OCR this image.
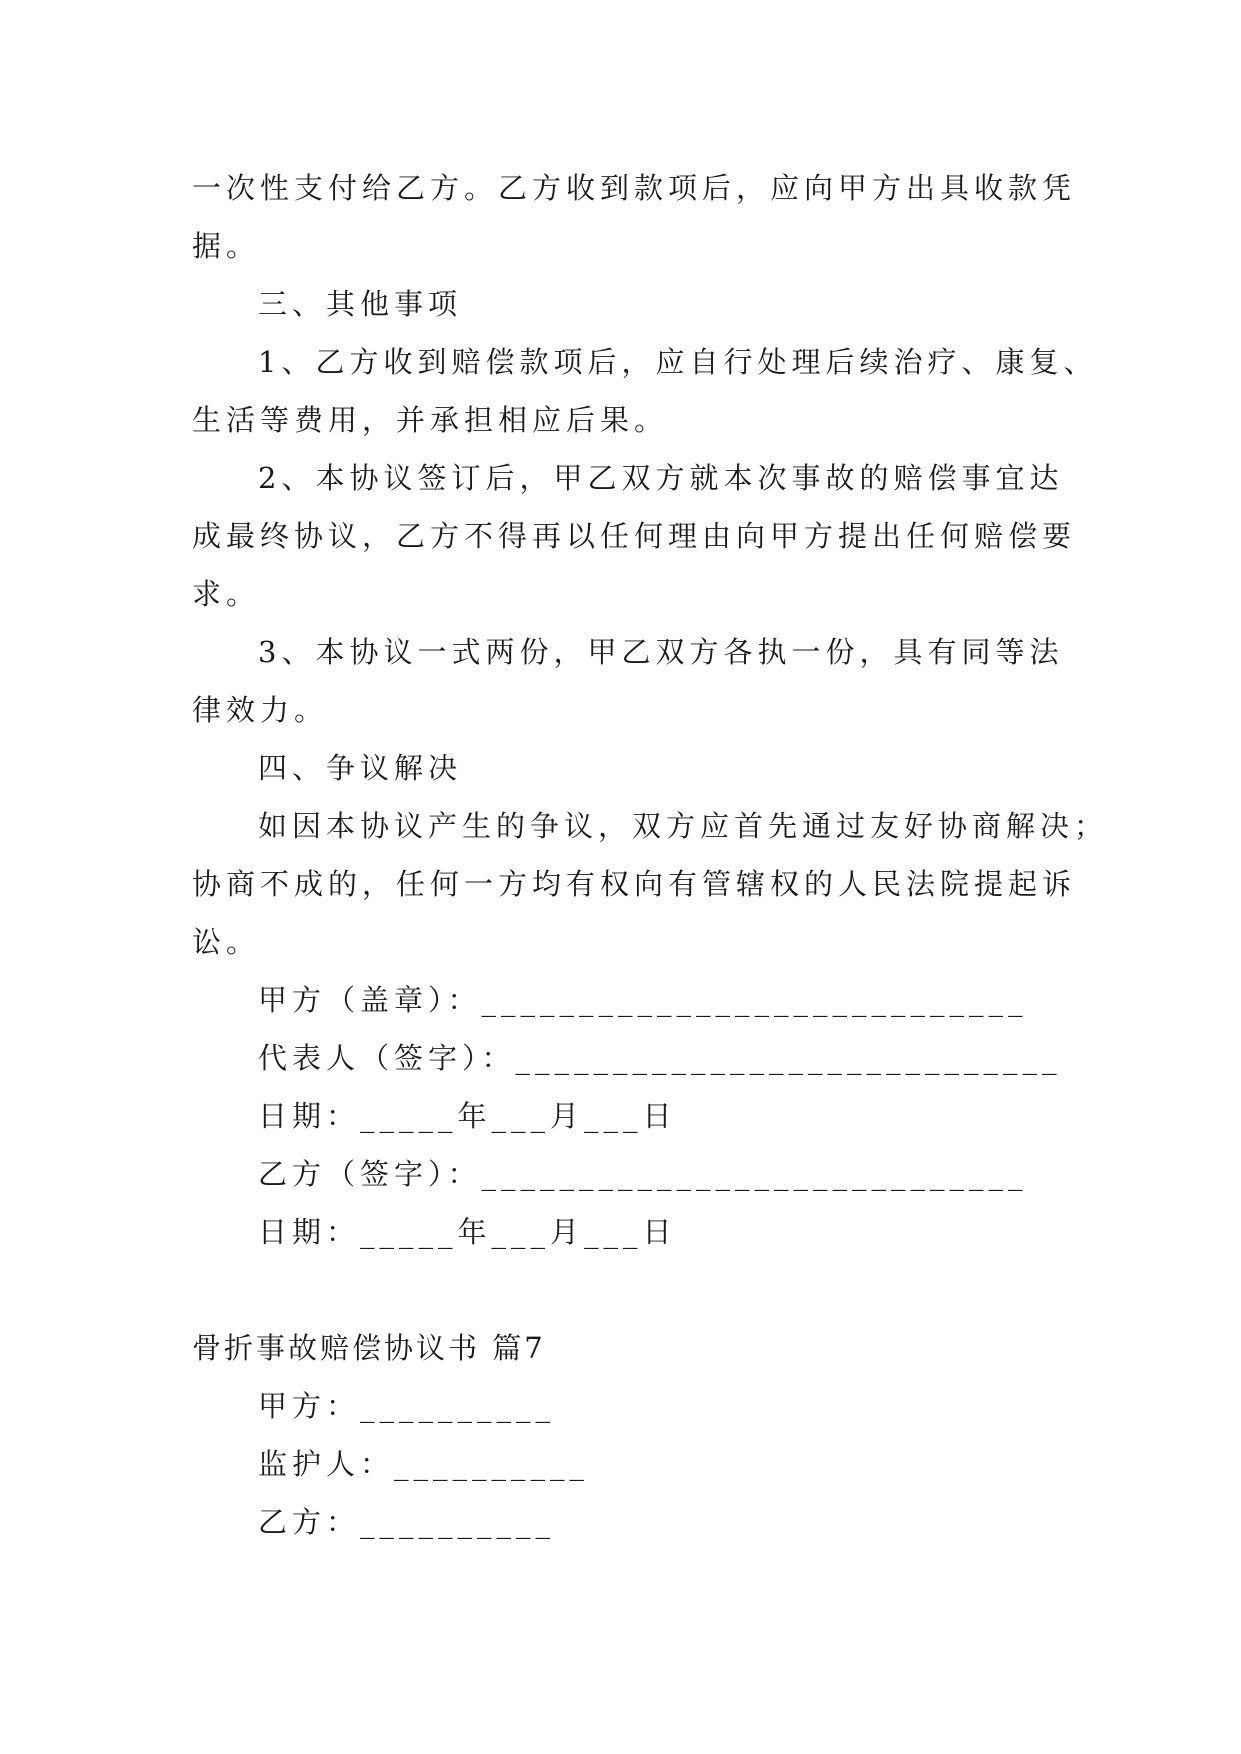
一次性支付给乙方。乙方收到款项后，应向甲方出具收款凭
据。
三、其他事项
1、乙方收到赔偿款项后，应自行处理后续治疗、康复、
生活等费用，并承担相应后果。
2、本协议签订后，甲乙双方就本次事故的赔偿事宜达
成最终协议，乙方不得再以任何理由向甲方提出任何赔偿要
求。
3、本协议一式两份，甲乙双方各执一份，具有同等法
律效力。
四、争议解决
如因本协议产生的争议，双方应首先通过友好协商解决；
协商不成的，任何一方均有权向有管辖权的人民法院提起诉
讼。
甲方（盖章）：____________________________
代表人（签字）：____________________________
日期：_____年___月___日
乙方（签字）：____________________________
日期：_____年___月___日
骨折事故赔偿协议书 篇7
甲方：__________
监护人：__________
乙方：__________
